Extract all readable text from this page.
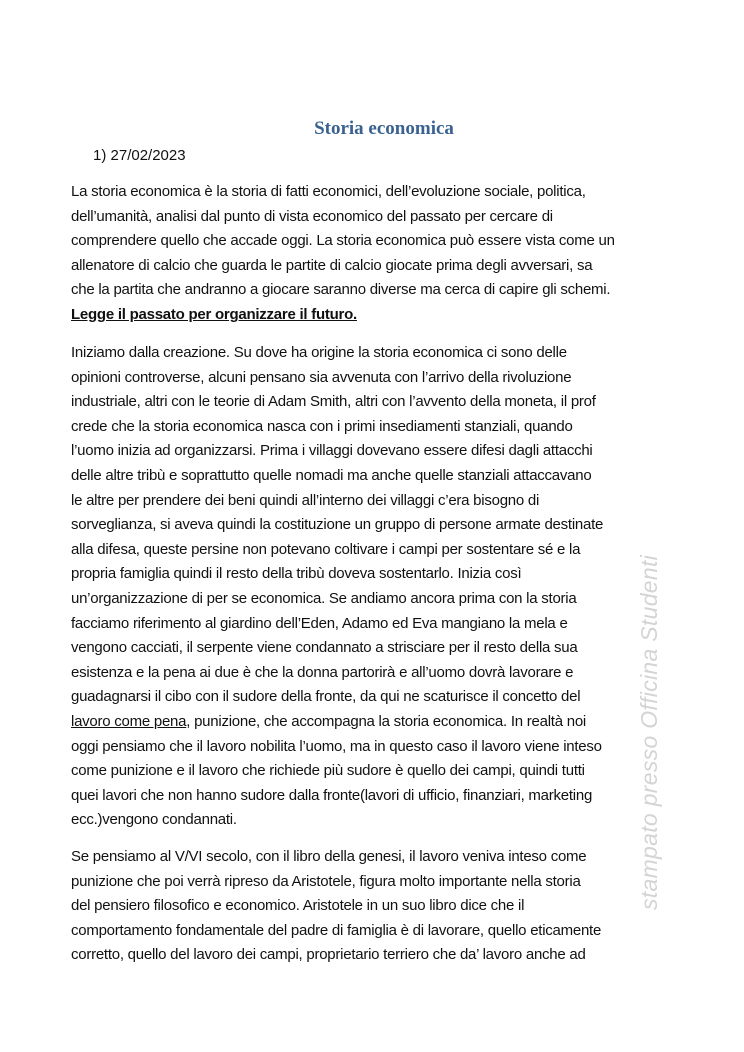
Storia economica
1) 27/02/2023
stampato presso Officina Studenti
La storia economica è la storia di fatti economici, dell’evoluzione sociale, politica,
dell’umanità, analisi dal punto di vista economico del passato per cercare di
comprendere quello che accade oggi. La storia economica può essere vista come un
allenatore di calcio che guarda le partite di calcio giocate prima degli avversari, sa
che la partita che andranno a giocare saranno diverse ma cerca di capire gli schemi.
Legge il passato per organizzare il futuro.
Iniziamo dalla creazione. Su dove ha origine la storia economica ci sono delle
opinioni controverse, alcuni pensano sia avvenuta con l’arrivo della rivoluzione
industriale, altri con le teorie di Adam Smith, altri con l’avvento della moneta, il prof
crede che la storia economica nasca con i primi insediamenti stanziali, quando
l’uomo inizia ad organizzarsi. Prima i villaggi dovevano essere difesi dagli attacchi
delle altre tribù e soprattutto quelle nomadi ma anche quelle stanziali attaccavano
le altre per prendere dei beni quindi all’interno dei villaggi c’era bisogno di
sorveglianza, si aveva quindi la costituzione un gruppo di persone armate destinate
alla difesa, queste persine non potevano coltivare i campi per sostentare sé e la
propria famiglia quindi il resto della tribù doveva sostentarlo. Inizia così
un’organizzazione di per se economica. Se andiamo ancora prima con la storia
facciamo riferimento al giardino dell’Eden, Adamo ed Eva mangiano la mela e
vengono cacciati, il serpente viene condannato a strisciare per il resto della sua
esistenza e la pena ai due è che la donna partorirà e all’uomo dovrà lavorare e
guadagnarsi il cibo con il sudore della fronte, da qui ne scaturisce il concetto del
lavoro come pena, punizione, che accompagna la storia economica. In realtà noi
oggi pensiamo che il lavoro nobilita l’uomo, ma in questo caso il lavoro viene inteso
come punizione e il lavoro che richiede più sudore è quello dei campi, quindi tutti
quei lavori che non hanno sudore dalla fronte(lavori di ufficio, finanziari, marketing
ecc.)vengono condannati.
Se pensiamo al V/VI secolo, con il libro della genesi, il lavoro veniva inteso come
punizione che poi verrà ripreso da Aristotele, figura molto importante nella storia
del pensiero filosofico e economico. Aristotele in un suo libro dice che il
comportamento fondamentale del padre di famiglia è di lavorare, quello eticamente
corretto, quello del lavoro dei campi, proprietario terriero che da’ lavoro anche ad
